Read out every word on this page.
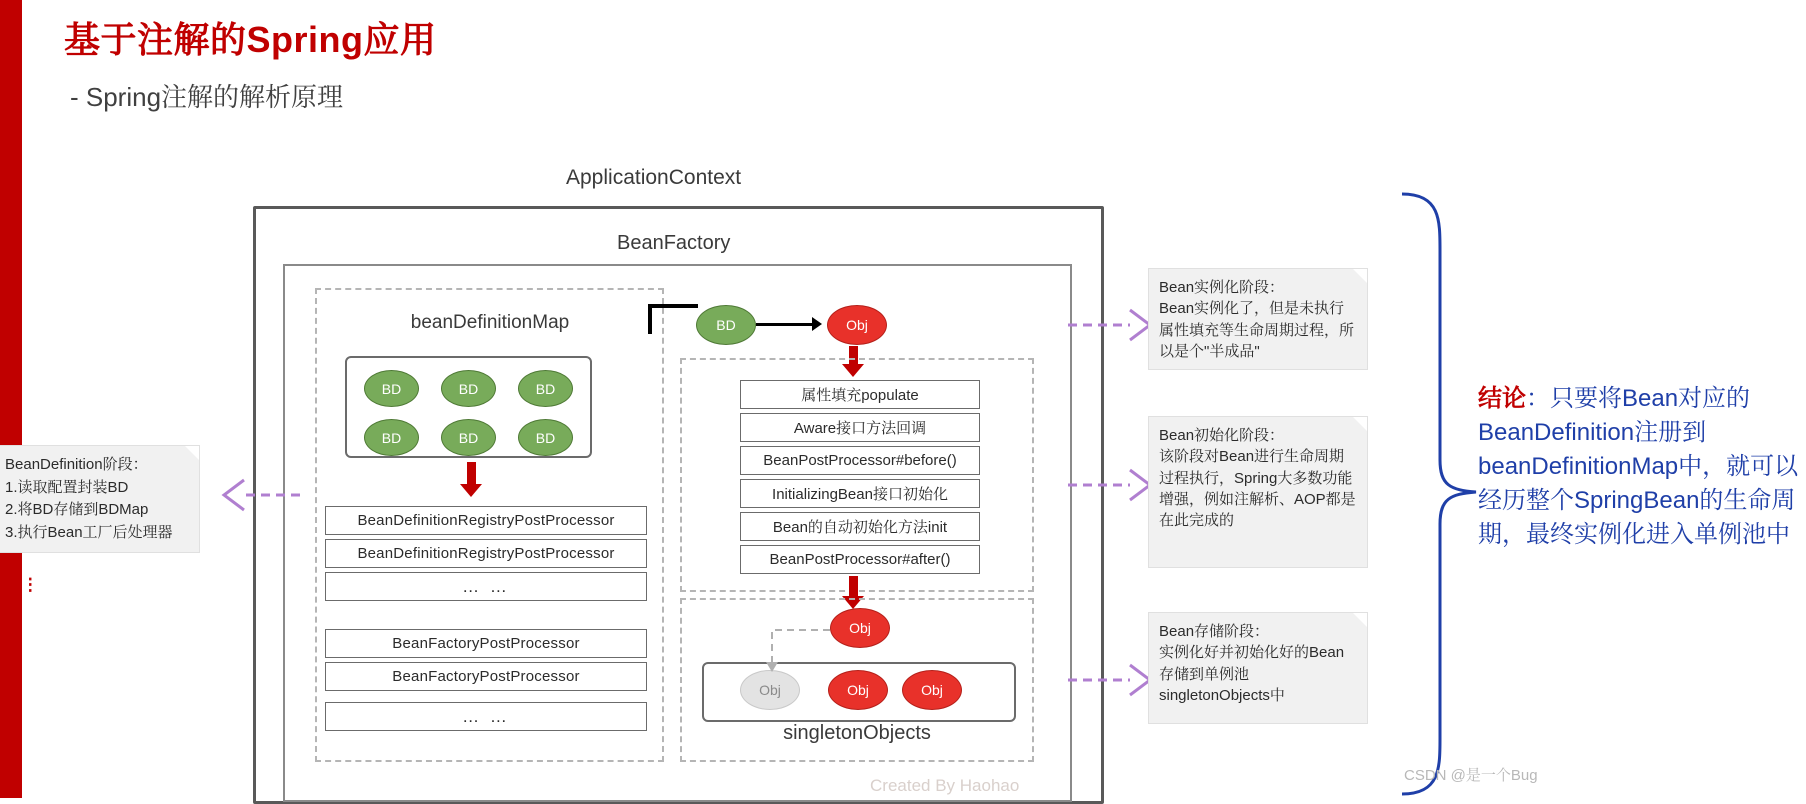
基于注解的Spring应用
- Spring注解的解析原理
ApplicationContext
BeanFactory
beanDefinitionMap
BD	BD	BD
BD	BD	BD
BeanDefinitionRegistryPostProcessor
BeanDefinitionRegistryPostProcessor
… …
BeanFactoryPostProcessor
BeanFactoryPostProcessor
… …
BD	Obj
属性填充populate
Aware接口方法回调
BeanPostProcessor#before()
InitializingBean接口初始化
Bean的自动初始化方法init
BeanPostProcessor#after()
Obj
Obj	Obj	Obj
singletonObjects
Created By Haohao
BeanDefinition阶段：
1.读取配置封装BD
2.将BD存储到BDMap
3.执行Bean工厂后处理器
包 ⋮
Bean实例化阶段：
Bean实例化了，但是未执行属性填充等生命周期过程，所以是个"半成品"
Bean初始化阶段：
该阶段对Bean进行生命周期过程执行，Spring大多数功能增强，例如注解析、AOP都是在此完成的
Bean存储阶段：
实例化好并初始化好的Bean存储到单例池singletonObjects中
结论：只要将Bean对应的BeanDefinition注册到beanDefinitionMap中，就可以经历整个SpringBean的生命周期，最终实例化进入单例池中
CSDN @是一个Bug
